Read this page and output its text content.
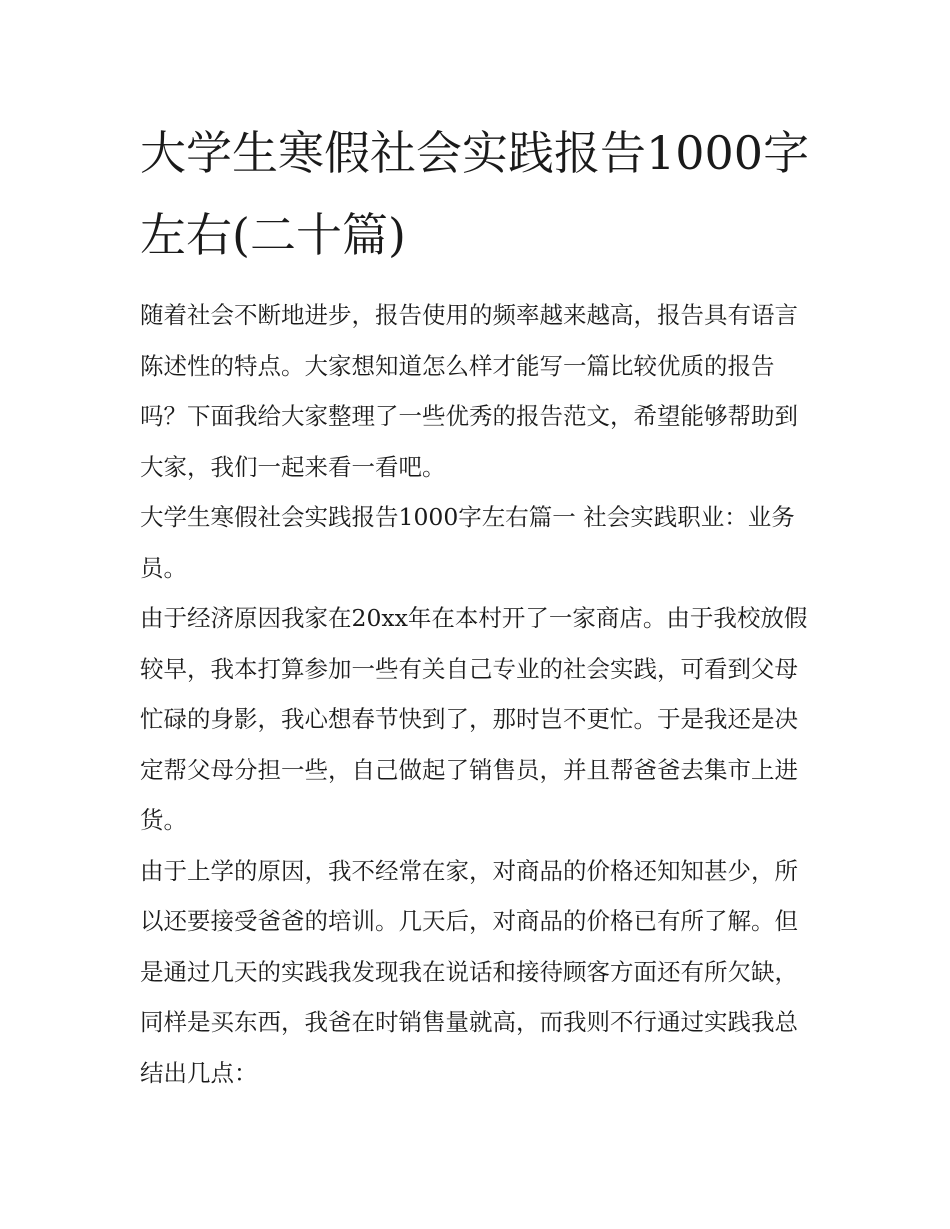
大学生寒假社会实践报告1000字左右(二十篇)

随着社会不断地进步，报告使用的频率越来越高，报告具有语言陈述性的特点。大家想知道怎么样才能写一篇比较优质的报告吗？下面我给大家整理了一些优秀的报告范文，希望能够帮助到大家，我们一起来看一看吧。

大学生寒假社会实践报告1000字左右篇一 社会实践职业：业务员。

由于经济原因我家在20xx年在本村开了一家商店。由于我校放假较早，我本打算参加一些有关自己专业的社会实践，可看到父母忙碌的身影，我心想春节快到了，那时岂不更忙。于是我还是决定帮父母分担一些，自己做起了销售员，并且帮爸爸去集市上进货。

由于上学的原因，我不经常在家，对商品的价格还知知甚少，所以还要接受爸爸的培训。几天后，对商品的价格已有所了解。但是通过几天的实践我发现我在说话和接待顾客方面还有所欠缺，同样是买东西，我爸在时销售量就高，而我则不行通过实践我总结出几点：
